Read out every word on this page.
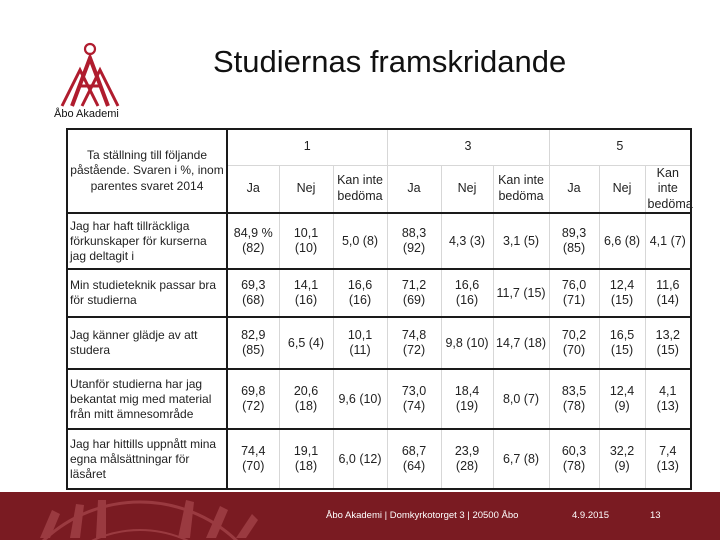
Åbo Akademi
Studiernas framskridande
Ta ställning till följande påstående. Svaren i %, inom parentes svaret 2014	1			3			5		
	Ja	Nej	Kan inte bedöma	Ja	Nej	Kan inte bedöma	Ja	Nej	Kan inte bedöma
Jag har haft tillräckliga förkunskaper för kurserna jag deltagit i	84,9 % (82)	10,1 (10)	5,0 (8)	88,3 (92)	4,3 (3)	3,1 (5)	89,3 (85)	6,6 (8)	4,1 (7)
Min studieteknik passar bra för studierna	69,3 (68)	14,1 (16)	16,6 (16)	71,2 (69)	16,6 (16)	11,7 (15)	76,0 (71)	12,4 (15)	11,6 (14)
Jag känner glädje av att studera	82,9 (85)	6,5 (4)	10,1 (11)	74,8 (72)	9,8 (10)	14,7 (18)	70,2 (70)	16,5 (15)	13,2 (15)
Utanför studierna har jag bekantat mig med material från mitt ämnesområde	69,8 (72)	20,6 (18)	9,6 (10)	73,0 (74)	18,4 (19)	8,0 (7)	83,5 (78)	12,4 (9)	4,1 (13)
Jag har hittills uppnått mina egna målsättningar för läsåret	74,4 (70)	19,1 (18)	6,0 (12)	68,7 (64)	23,9 (28)	6,7 (8)	60,3 (78)	32,2 (9)	7,4 (13)
Åbo Akademi | Domkyrkotorget 3 | 20500 Åbo	4.9.2015	13
